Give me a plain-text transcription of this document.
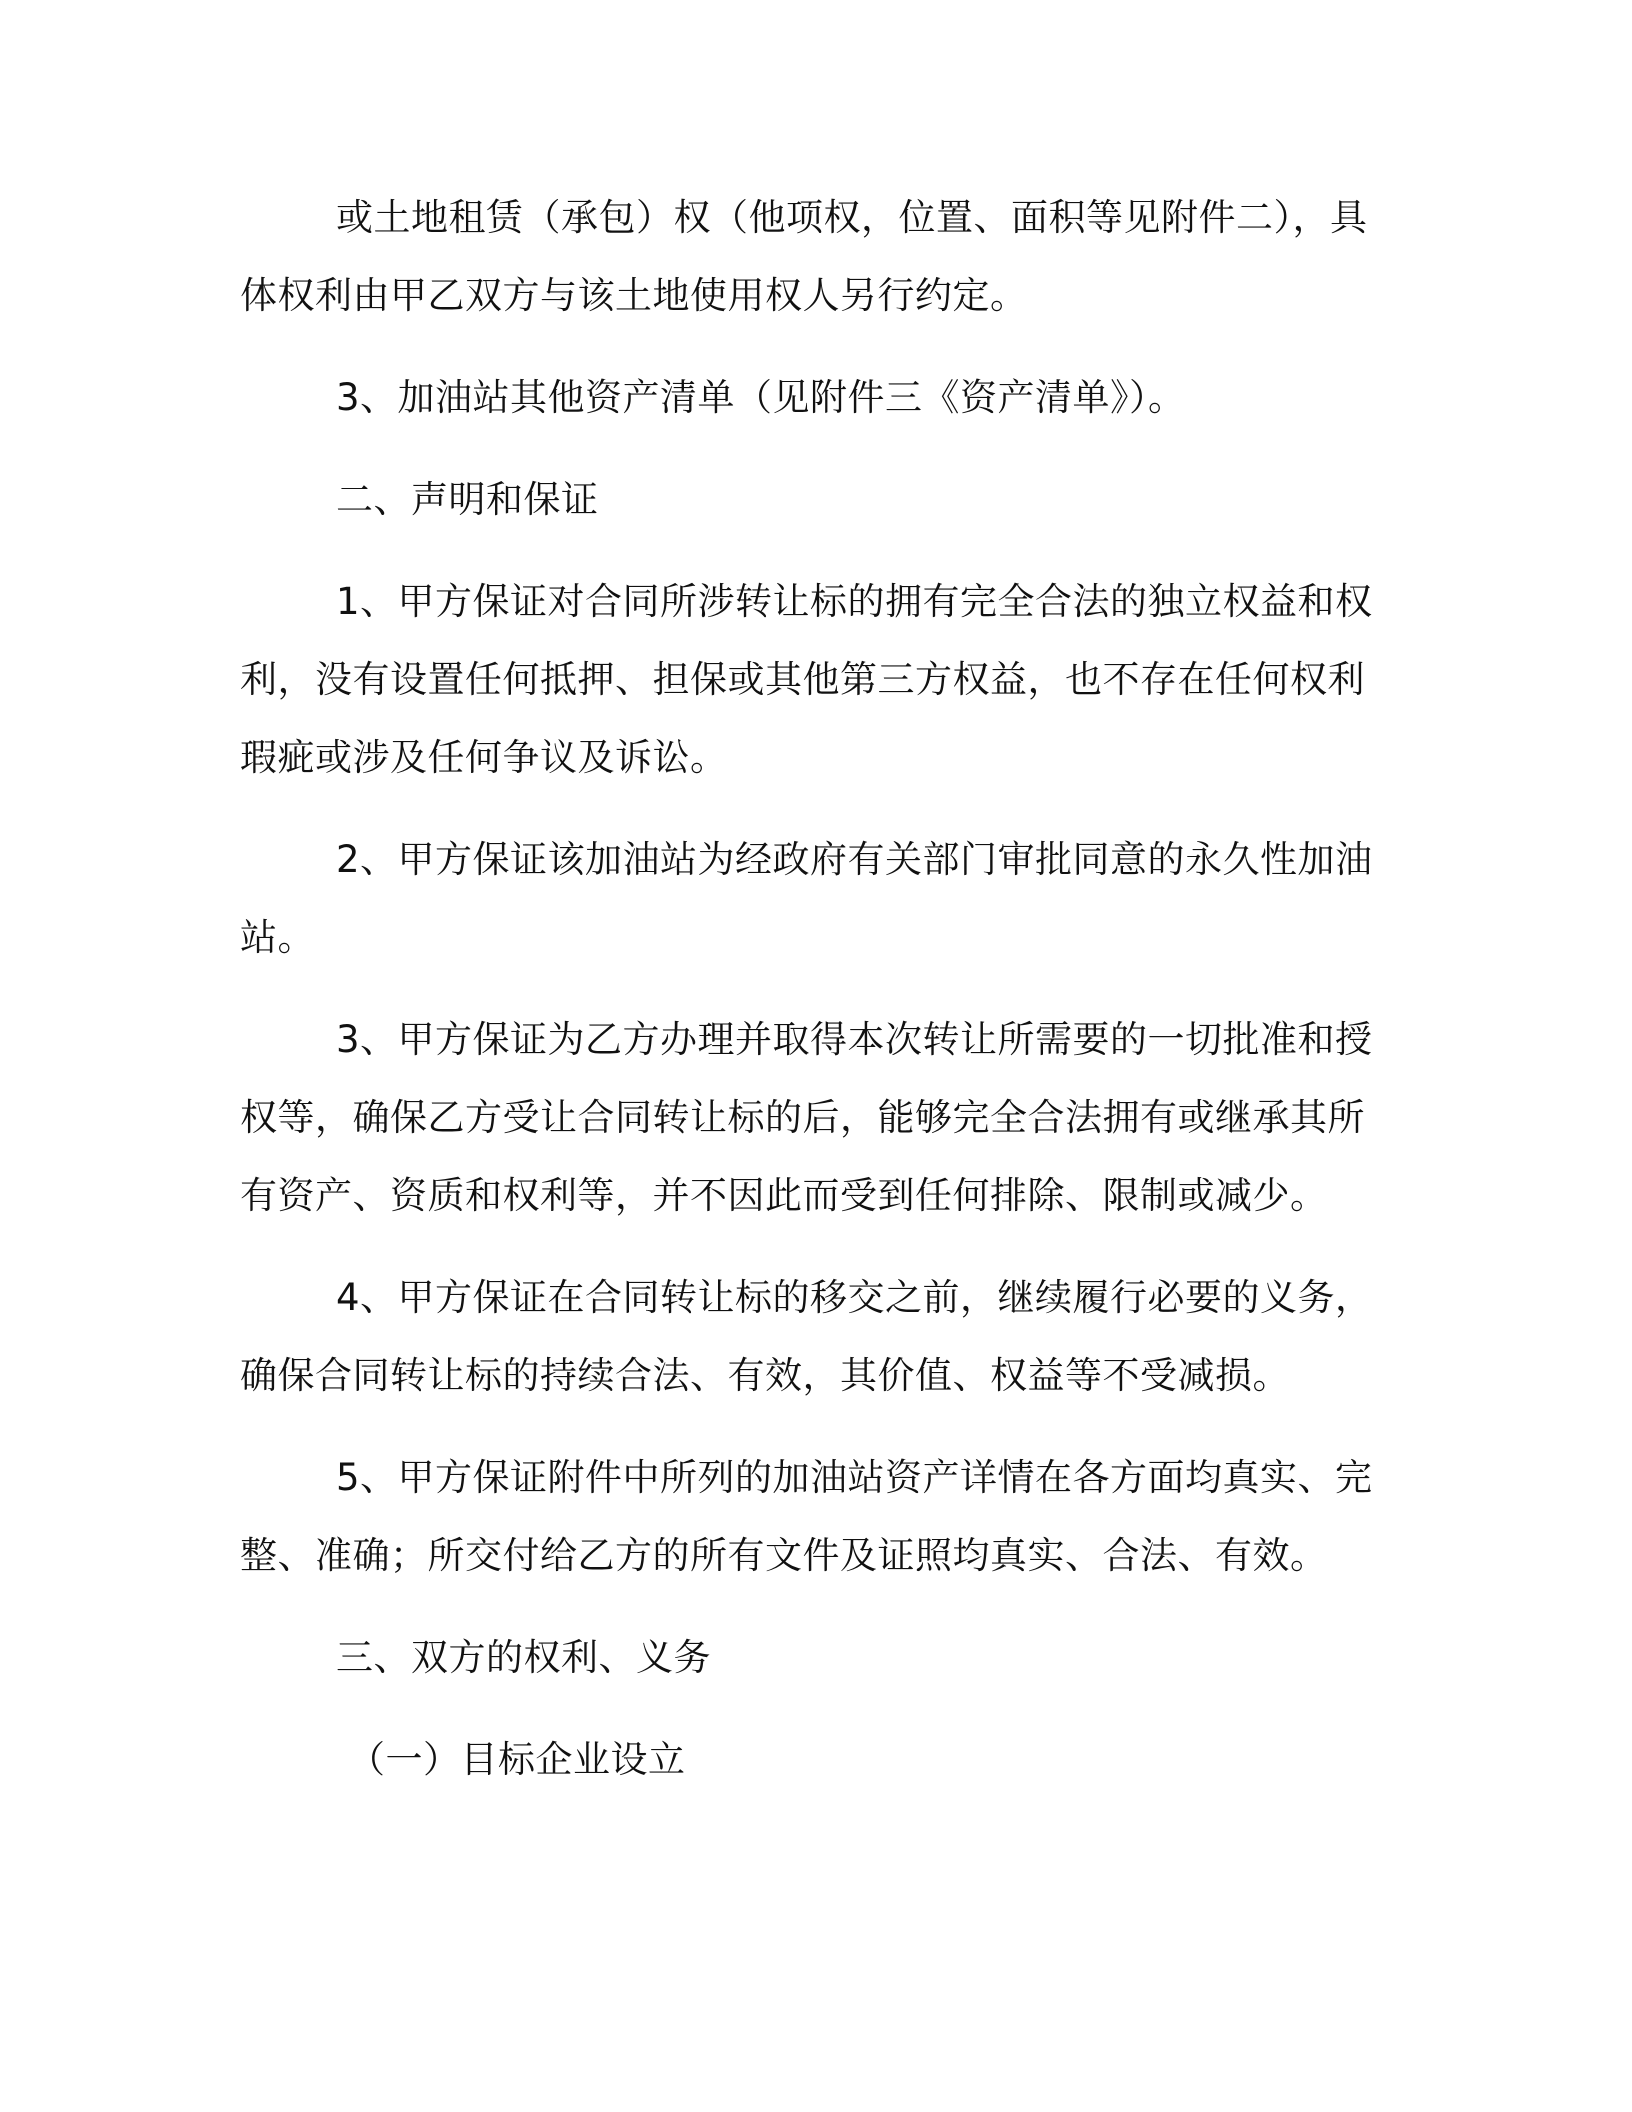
或土地租赁（承包）权（他项权，位置、面积等见附件二），具

体权利由甲乙双方与该土地使用权人另行约定。

3、加油站其他资产清单（见附件三《资产清单》）。

二、声明和保证

1、甲方保证对合同所涉转让标的拥有完全合法的独立权益和权

利，没有设置任何抵押、担保或其他第三方权益，也不存在任何权利

瑕疵或涉及任何争议及诉讼。

2、甲方保证该加油站为经政府有关部门审批同意的永久性加油

站。

3、甲方保证为乙方办理并取得本次转让所需要的一切批准和授

权等，确保乙方受让合同转让标的后，能够完全合法拥有或继承其所

有资产、资质和权利等，并不因此而受到任何排除、限制或减少。

4、甲方保证在合同转让标的移交之前，继续履行必要的义务，

确保合同转让标的持续合法、有效，其价值、权益等不受减损。

5、甲方保证附件中所列的加油站资产详情在各方面均真实、完

整、准确；所交付给乙方的所有文件及证照均真实、合法、有效。

三、双方的权利、义务

（一）目标企业设立
